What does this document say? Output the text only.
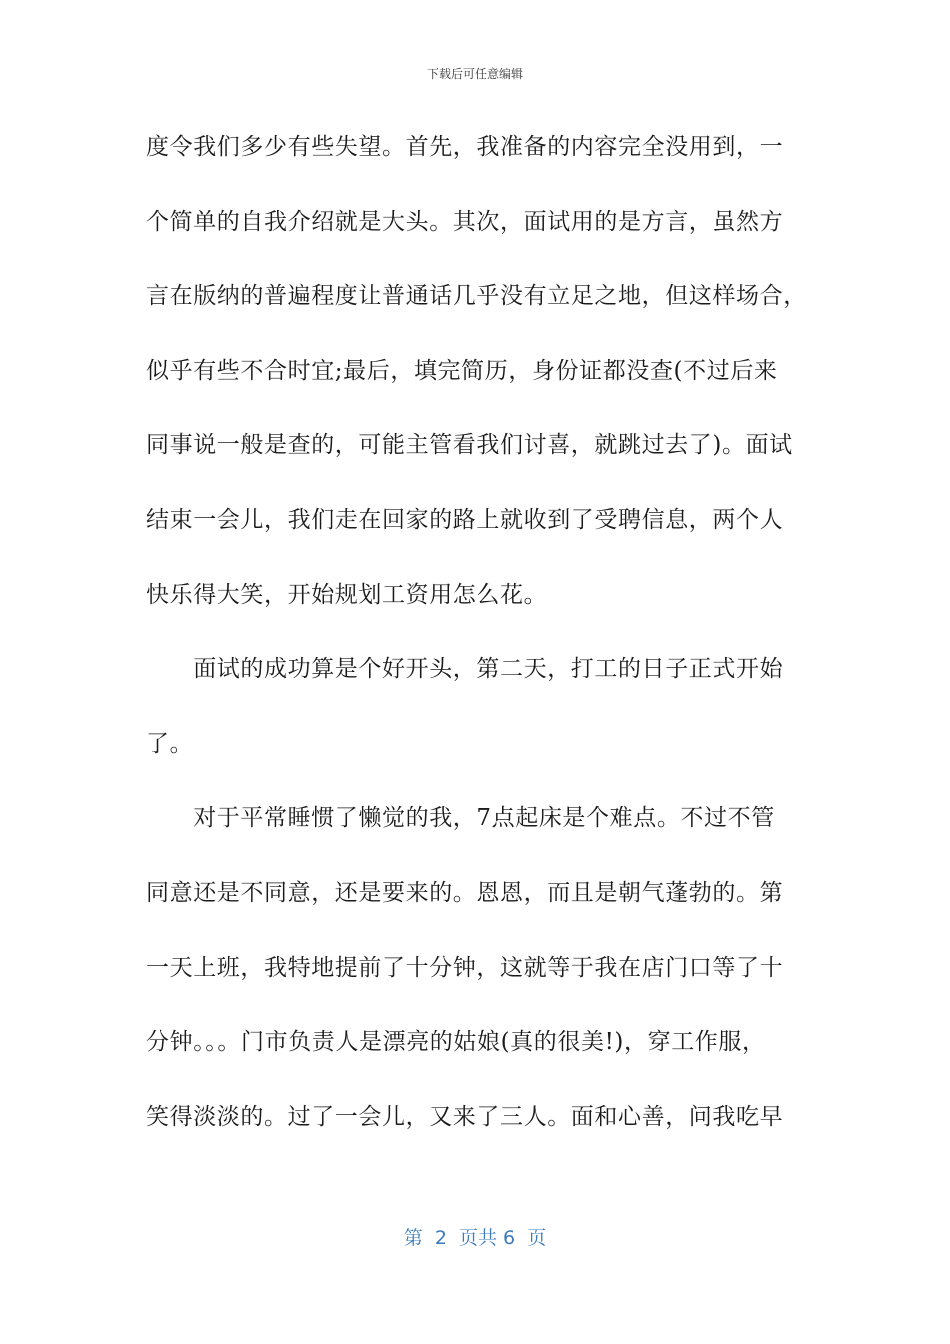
下载后可任意编辑
度令我们多少有些失望。首先，我准备的内容完全没用到，一
个简单的自我介绍就是大头。其次，面试用的是方言，虽然方
言在版纳的普遍程度让普通话几乎没有立足之地，但这样场合，
似乎有些不合时宜;最后，填完简历，身份证都没查(不过后来
同事说一般是查的，可能主管看我们讨喜，就跳过去了)。面试
结束一会儿，我们走在回家的路上就收到了受聘信息，两个人
快乐得大笑，开始规划工资用怎么花。
　　面试的成功算是个好开头，第二天，打工的日子正式开始
了。
　　对于平常睡惯了懒觉的我，7点起床是个难点。不过不管
同意还是不同意，还是要来的。恩恩，而且是朝气蓬勃的。第
一天上班，我特地提前了十分钟，这就等于我在店门口等了十
分钟。。。门市负责人是漂亮的姑娘(真的很美!)，穿工作服，
笑得淡淡的。过了一会儿，又来了三人。面和心善，问我吃早
第  2  页共 6  页
